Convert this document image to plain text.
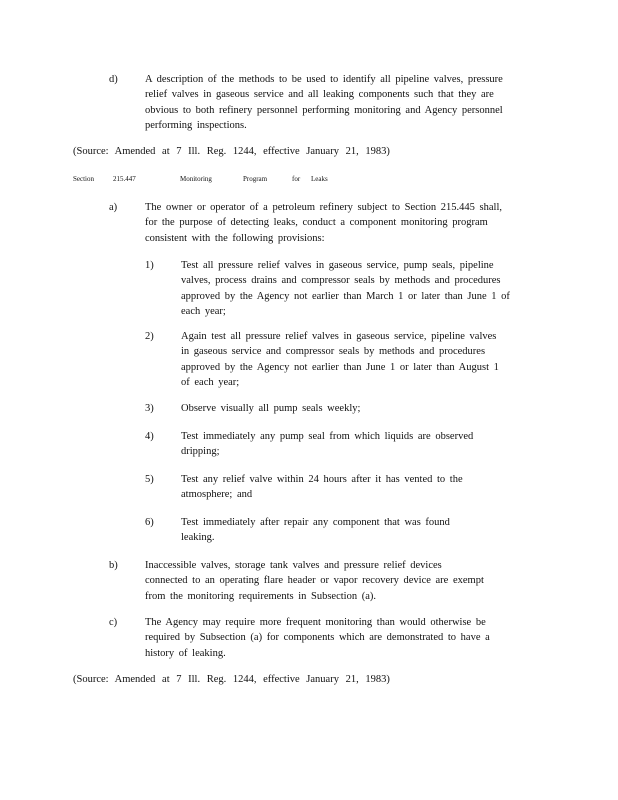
d)	A description of the methods to be used to identify all pipeline valves, pressure relief valves in gaseous service and all leaking components such that they are obvious to both refinery personnel performing monitoring and Agency personnel performing inspections.
(Source: Amended at 7 Ill. Reg. 1244, effective January 21, 1983)
Section	215.447	Monitoring	Program	for Leaks
a)	The owner or operator of a petroleum refinery subject to Section 215.445 shall, for the purpose of detecting leaks, conduct a component monitoring program consistent with the following provisions:
1)	Test all pressure relief valves in gaseous service, pump seals, pipeline valves, process drains and compressor seals by methods and procedures approved by the Agency not earlier than March 1 or later than June 1 of each year;
2)	Again test all pressure relief valves in gaseous service, pipeline valves in gaseous service and compressor seals by methods and procedures approved by the Agency not earlier than June 1 or later than August 1 of each year;
3)	Observe visually all pump seals weekly;
4)	Test immediately any pump seal from which liquids are observed dripping;
5)	Test any relief valve within 24 hours after it has vented to the atmosphere; and
6)	Test immediately after repair any component that was found leaking.
b)	Inaccessible valves, storage tank valves and pressure relief devices connected to an operating flare header or vapor recovery device are exempt from the monitoring requirements in Subsection (a).
c)	The Agency may require more frequent monitoring than would otherwise be required by Subsection (a) for components which are demonstrated to have a history of leaking.
(Source: Amended at 7 Ill. Reg. 1244, effective January 21, 1983)
